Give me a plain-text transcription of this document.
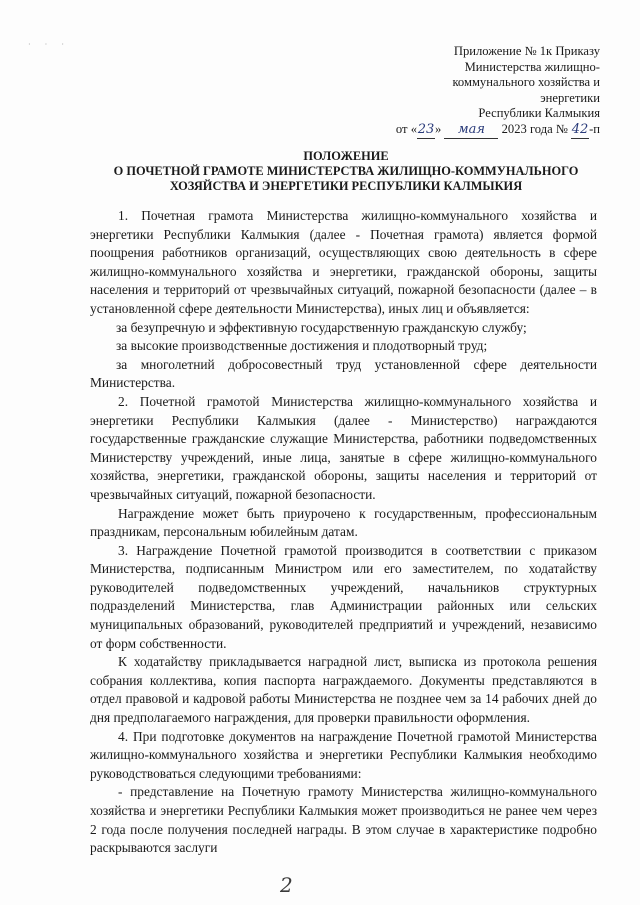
· · ·	Приложение № 1к Приказу
Министерства жилищно-
коммунального хозяйства и
энергетики
Республики Калмыкия
от «23» мая 2023 года № 42-п
ПОЛОЖЕНИЕ
О ПОЧЕТНОЙ ГРАМОТЕ МИНИСТЕРСТВА ЖИЛИЩНО-КОММУНАЛЬНОГО
ХОЗЯЙСТВА И ЭНЕРГЕТИКИ РЕСПУБЛИКИ КАЛМЫКИЯ

1. Почетная грамота Министерства жилищно-коммунального хозяйства и энергетики Республики Калмыкия (далее - Почетная грамота) является формой поощрения работников организаций, осуществляющих свою деятельность в сфере жилищно-коммунального хозяйства и энергетики, гражданской обороны, защиты населения и территорий от чрезвычайных ситуаций, пожарной безопасности (далее – в установленной сфере деятельности Министерства), иных лиц и объявляется:

за безупречную и эффективную государственную гражданскую службу;

за высокие производственные достижения и плодотворный труд;

за многолетний добросовестный труд установленной сфере деятельности Министерства.

2. Почетной грамотой Министерства жилищно-коммунального хозяйства и энергетики Республики Калмыкия (далее - Министерство) награждаются государственные гражданские служащие Министерства, работники подведомственных Министерству учреждений, иные лица, занятые в сфере жилищно-коммунального хозяйства, энергетики, гражданской обороны, защиты населения и территорий от чрезвычайных ситуаций, пожарной безопасности.

Награждение может быть приурочено к государственным, профессиональным праздникам, персональным юбилейным датам.

3. Награждение Почетной грамотой производится в соответствии с приказом Министерства, подписанным Министром или его заместителем, по ходатайству руководителей подведомственных учреждений, начальников структурных подразделений Министерства, глав Администрации районных или сельских муниципальных образований, руководителей предприятий и учреждений, независимо от форм собственности.

К ходатайству прикладывается наградной лист, выписка из протокола решения собрания коллектива, копия паспорта награждаемого. Документы представляются в отдел правовой и кадровой работы Министерства не позднее чем за 14 рабочих дней до дня предполагаемого награждения, для проверки правильности оформления.

4. При подготовке документов на награждение Почетной грамотой Министерства жилищно-коммунального хозяйства и энергетики Республики Калмыкия необходимо руководствоваться следующими требованиями:

- представление на Почетную грамоту Министерства жилищно-коммунального хозяйства и энергетики Республики Калмыкия может производиться не ранее чем через 2 года после получения последней награды. В этом случае в характеристике подробно раскрываются заслуги

2
